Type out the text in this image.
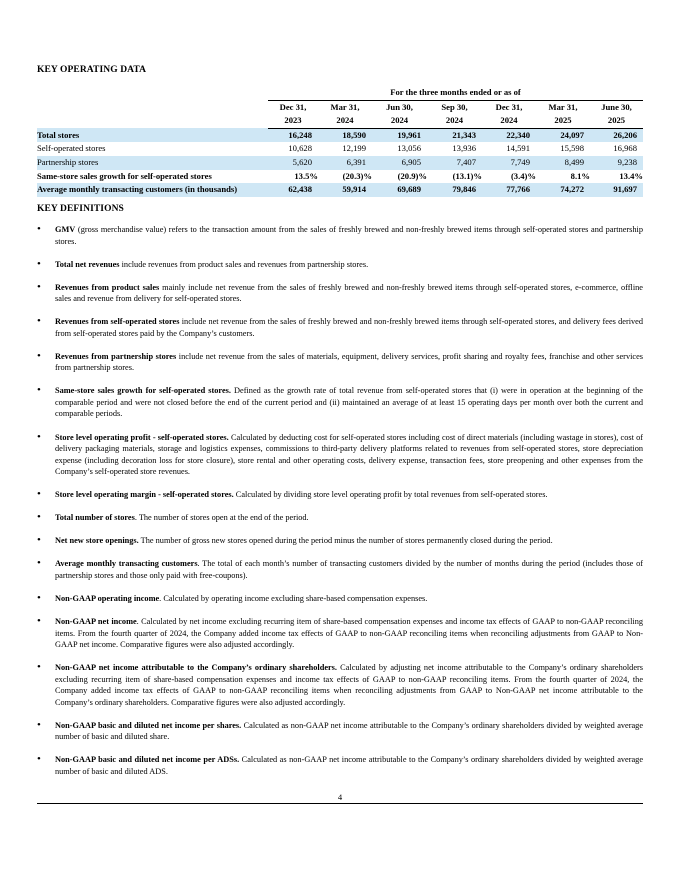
KEY OPERATING DATA
	For the three months ended or as of						
	Dec 31,	Mar 31,	Jun 30,	Sep 30,	Dec 31,	Mar 31,	June 30,
	2023	2024	2024	2024	2024	2025	2025
Total stores	16,248	18,590	19,961	21,343	22,340	24,097	26,206
Self-operated stores	10,628	12,199	13,056	13,936	14,591	15,598	16,968
Partnership stores	5,620	6,391	6,905	7,407	7,749	8,499	9,238
Same-store sales growth for self-operated stores	13.5%	(20.3)%	(20.9)%	(13.1)%	(3.4)%	8.1%	13.4%
Average monthly transacting customers (in thousands)	62,438	59,914	69,689	79,846	77,766	74,272	91,697
KEY DEFINITIONS
• GMV (gross merchandise value) refers to the transaction amount from the sales of freshly brewed and non-freshly brewed items through self-operated stores and partnership stores.
• Total net revenues include revenues from product sales and revenues from partnership stores.
• Revenues from product sales mainly include net revenue from the sales of freshly brewed and non-freshly brewed items through self-operated stores, e-commerce, offline sales and revenue from delivery for self-operated stores.
• Revenues from self-operated stores include net revenue from the sales of freshly brewed and non-freshly brewed items through self-operated stores, and delivery fees derived from self-operated stores paid by the Company’s customers.
• Revenues from partnership stores include net revenue from the sales of materials, equipment, delivery services, profit sharing and royalty fees, franchise and other services from partnership stores.
• Same-store sales growth for self-operated stores. Defined as the growth rate of total revenue from self-operated stores that (i) were in operation at the beginning of the comparable period and were not closed before the end of the current period and (ii) maintained an average of at least 15 operating days per month over both the current and comparable periods.
• Store level operating profit - self-operated stores. Calculated by deducting cost for self-operated stores including cost of direct materials (including wastage in stores), cost of delivery packaging materials, storage and logistics expenses, commissions to third-party delivery platforms related to revenues from self-operated stores, store depreciation expense (including decoration loss for store closure), store rental and other operating costs, delivery expense, transaction fees, store preopening and other expenses from the Company’s self-operated store revenues.
• Store level operating margin - self-operated stores. Calculated by dividing store level operating profit by total revenues from self-operated stores.
• Total number of stores. The number of stores open at the end of the period.
• Net new store openings. The number of gross new stores opened during the period minus the number of stores permanently closed during the period.
• Average monthly transacting customers. The total of each month’s number of transacting customers divided by the number of months during the period (includes those of partnership stores and those only paid with free-coupons).
• Non-GAAP operating income. Calculated by operating income excluding share-based compensation expenses.
• Non-GAAP net income. Calculated by net income excluding recurring item of share-based compensation expenses and income tax effects of GAAP to non-GAAP reconciling items. From the fourth quarter of 2024, the Company added income tax effects of GAAP to non-GAAP reconciling items when reconciling adjustments from GAAP to Non-GAAP net income. Comparative figures were also adjusted accordingly.
• Non-GAAP net income attributable to the Company’s ordinary shareholders. Calculated by adjusting net income attributable to the Company’s ordinary shareholders excluding recurring item of share-based compensation expenses and income tax effects of GAAP to non-GAAP reconciling items. From the fourth quarter of 2024, the Company added income tax effects of GAAP to non-GAAP reconciling items when reconciling adjustments from GAAP to Non-GAAP net income attributable to the Company’s ordinary shareholders. Comparative figures were also adjusted accordingly.
• Non-GAAP basic and diluted net income per shares. Calculated as non-GAAP net income attributable to the Company’s ordinary shareholders divided by weighted average number of basic and diluted share.
• Non-GAAP basic and diluted net income per ADSs. Calculated as non-GAAP net income attributable to the Company’s ordinary shareholders divided by weighted average number of basic and diluted ADS.
4
